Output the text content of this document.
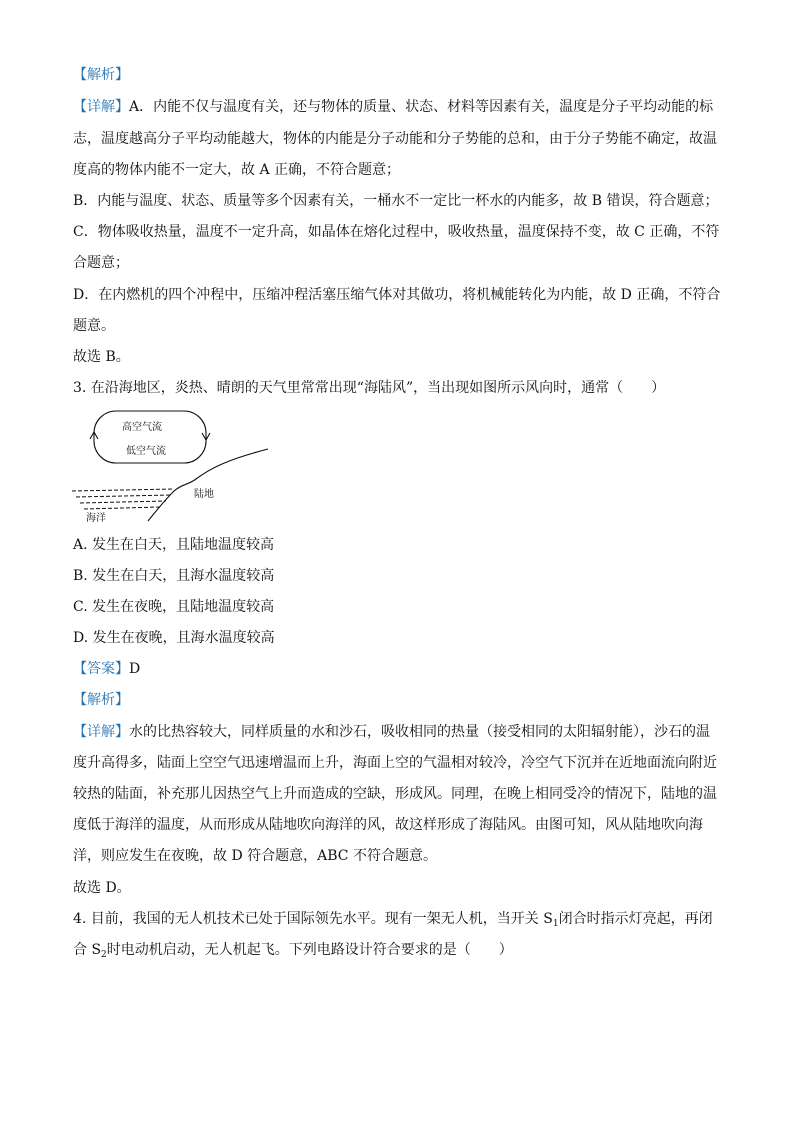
【解析】
【详解】A．内能不仅与温度有关，还与物体的质量、状态、材料等因素有关，温度是分子平均动能的标
志，温度越高分子平均动能越大，物体的内能是分子动能和分子势能的总和，由于分子势能不确定，故温
度高的物体内能不一定大，故 A 正确，不符合题意；
B．内能与温度、状态、质量等多个因素有关，一桶水不一定比一杯水的内能多，故 B 错误，符合题意；
C．物体吸收热量，温度不一定升高，如晶体在熔化过程中，吸收热量，温度保持不变，故 C 正确，不符
合题意；
D．在内燃机的四个冲程中，压缩冲程活塞压缩气体对其做功，将机械能转化为内能，故 D 正确，不符合
题意。
故选 B。
3. 在沿海地区，炎热、晴朗的天气里常常出现“海陆风”，当出现如图所示风向时，通常（　　）
高空气流
低空气流
陆地
海洋
A. 发生在白天，且陆地温度较高
B. 发生在白天，且海水温度较高
C. 发生在夜晚，且陆地温度较高
D. 发生在夜晚，且海水温度较高
【答案】D
【解析】
【详解】水的比热容较大，同样质量的水和沙石，吸收相同的热量（接受相同的太阳辐射能），沙石的温
度升高得多，陆面上空空气迅速增温而上升，海面上空的气温相对较冷，冷空气下沉并在近地面流向附近
较热的陆面，补充那儿因热空气上升而造成的空缺，形成风。同理，在晚上相同受冷的情况下，陆地的温
度低于海洋的温度，从而形成从陆地吹向海洋的风，故这样形成了海陆风。由图可知，风从陆地吹向海
洋，则应发生在夜晚，故 D 符合题意，ABC 不符合题意。
故选 D。
4. 目前，我国的无人机技术已处于国际领先水平。现有一架无人机，当开关 $S_1$闭合时指示灯亮起，再闭
合 $S_2$时电动机启动，无人机起飞。下列电路设计符合要求的是（　　）
